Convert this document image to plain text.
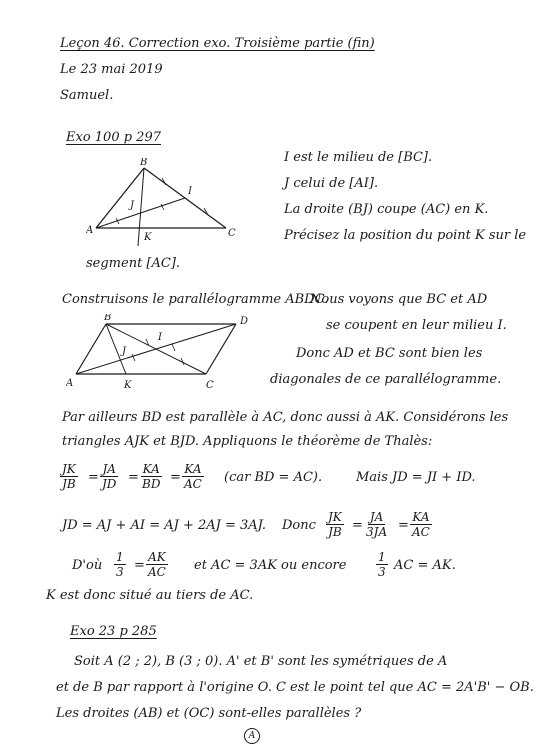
Leçon 46. Correction exo. Troisième partie (fin)
Le 23 mai 2019
Samuel.
Exo 100 p 297
B
I
J
A
K	C
I est le milieu de [BC].
J celui de [AI].
La droite (BJ) coupe (AC) en K.
Précisez la position du point K sur le
segment [AC].
Construisons le parallélogramme ABDC.
B	D
I
J
A	K	C
Nous voyons que BC et AD
se coupent en leur milieu I.
Donc AD et BC sont bien les
diagonales de ce parallélogramme.
Par ailleurs BD est parallèle à AC, donc aussi à AK. Considérons les
triangles AJK et BJD. Appliquons le théorème de Thalès:
$\frac{JK}{JB} = \frac{JA}{JD} = \frac{KA}{BD} = \frac{KA}{AC} (car$ BD = AC).	Mais JD = JI + ID.
JD = AJ + AI = AJ + 2AJ = 3AJ. Donc $\frac{JK}{JB} = \frac{JA}{3JA} = \frac{KA}{AC}$
D'où $\frac{1}{3} = \frac{AK}{AC}$ et AC = 3AK ou encore $\frac{1}{3}$ AC = AK.
K est donc situé au tiers de AC.
Exo 23 p 285
Soit A (2 ; 2), B (3 ; 0). A' et B' sont les symétriques de A
et de B par rapport à l'origine O. C est le point tel que AC = 2A'B' − OB.
Les droites (AB) et (OC) sont-elles parallèles ?
A
